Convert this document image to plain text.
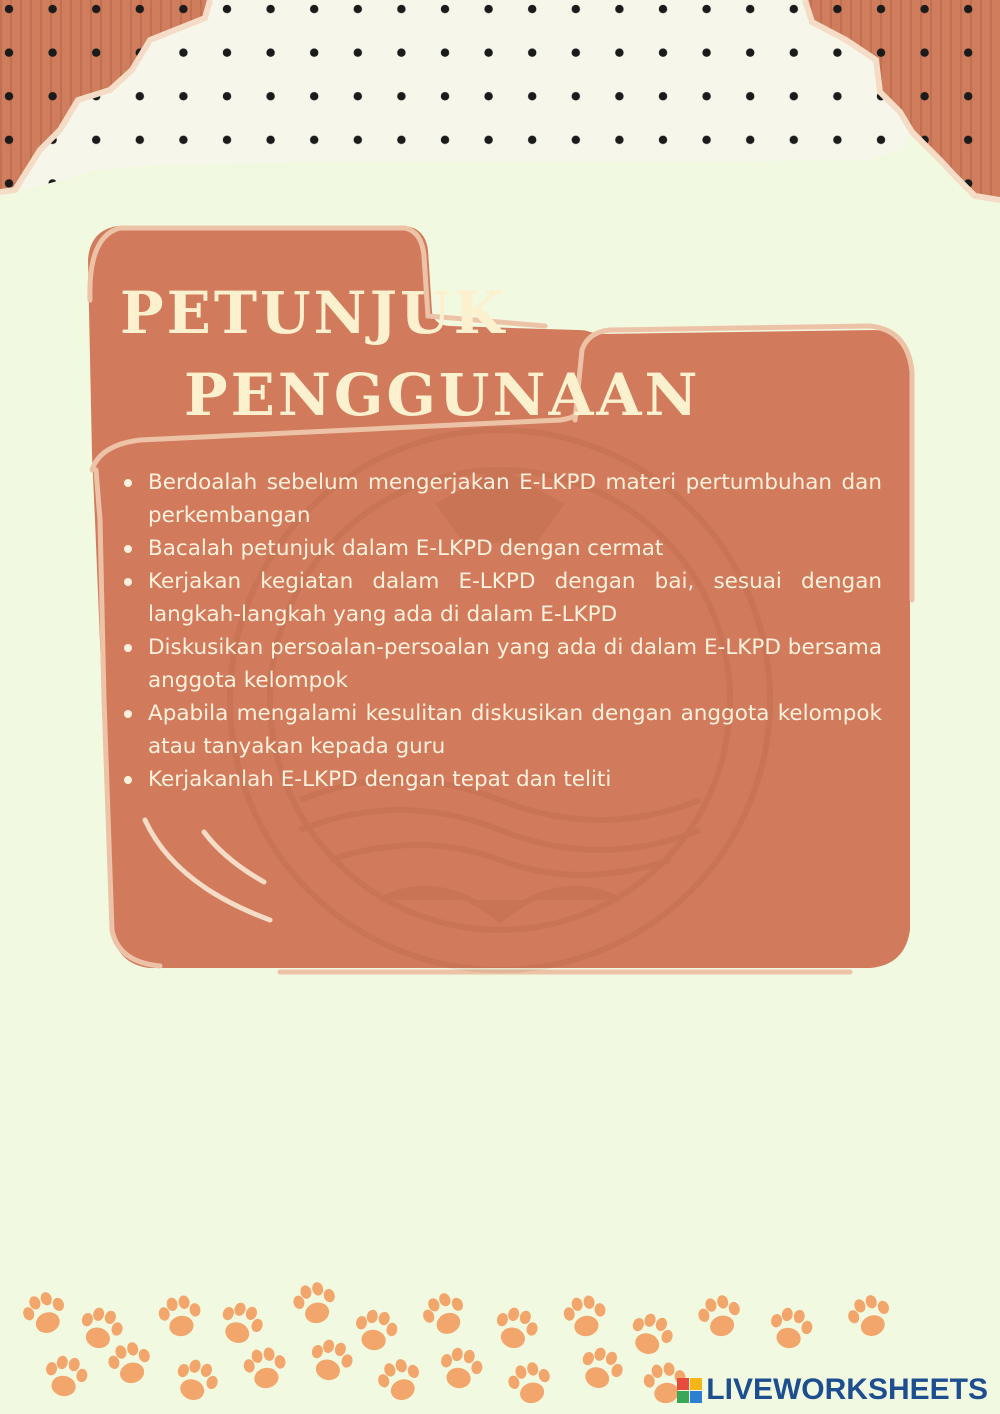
PETUNJUK
PENGGUNAAN
Berdoalah sebelum mengerjakan E-LKPD materi pertumbuhan dan perkembangan
Bacalah petunjuk dalam E-LKPD dengan cermat
Kerjakan kegiatan dalam E-LKPD dengan bai, sesuai dengan langkah-langkah yang ada di dalam E-LKPD
Diskusikan persoalan-persoalan yang ada di dalam E-LKPD bersama anggota kelompok
Apabila mengalami kesulitan diskusikan dengan anggota kelompok atau tanyakan kepada guru
Kerjakanlah E-LKPD dengan tepat dan teliti
LIVEWORKSHEETS
